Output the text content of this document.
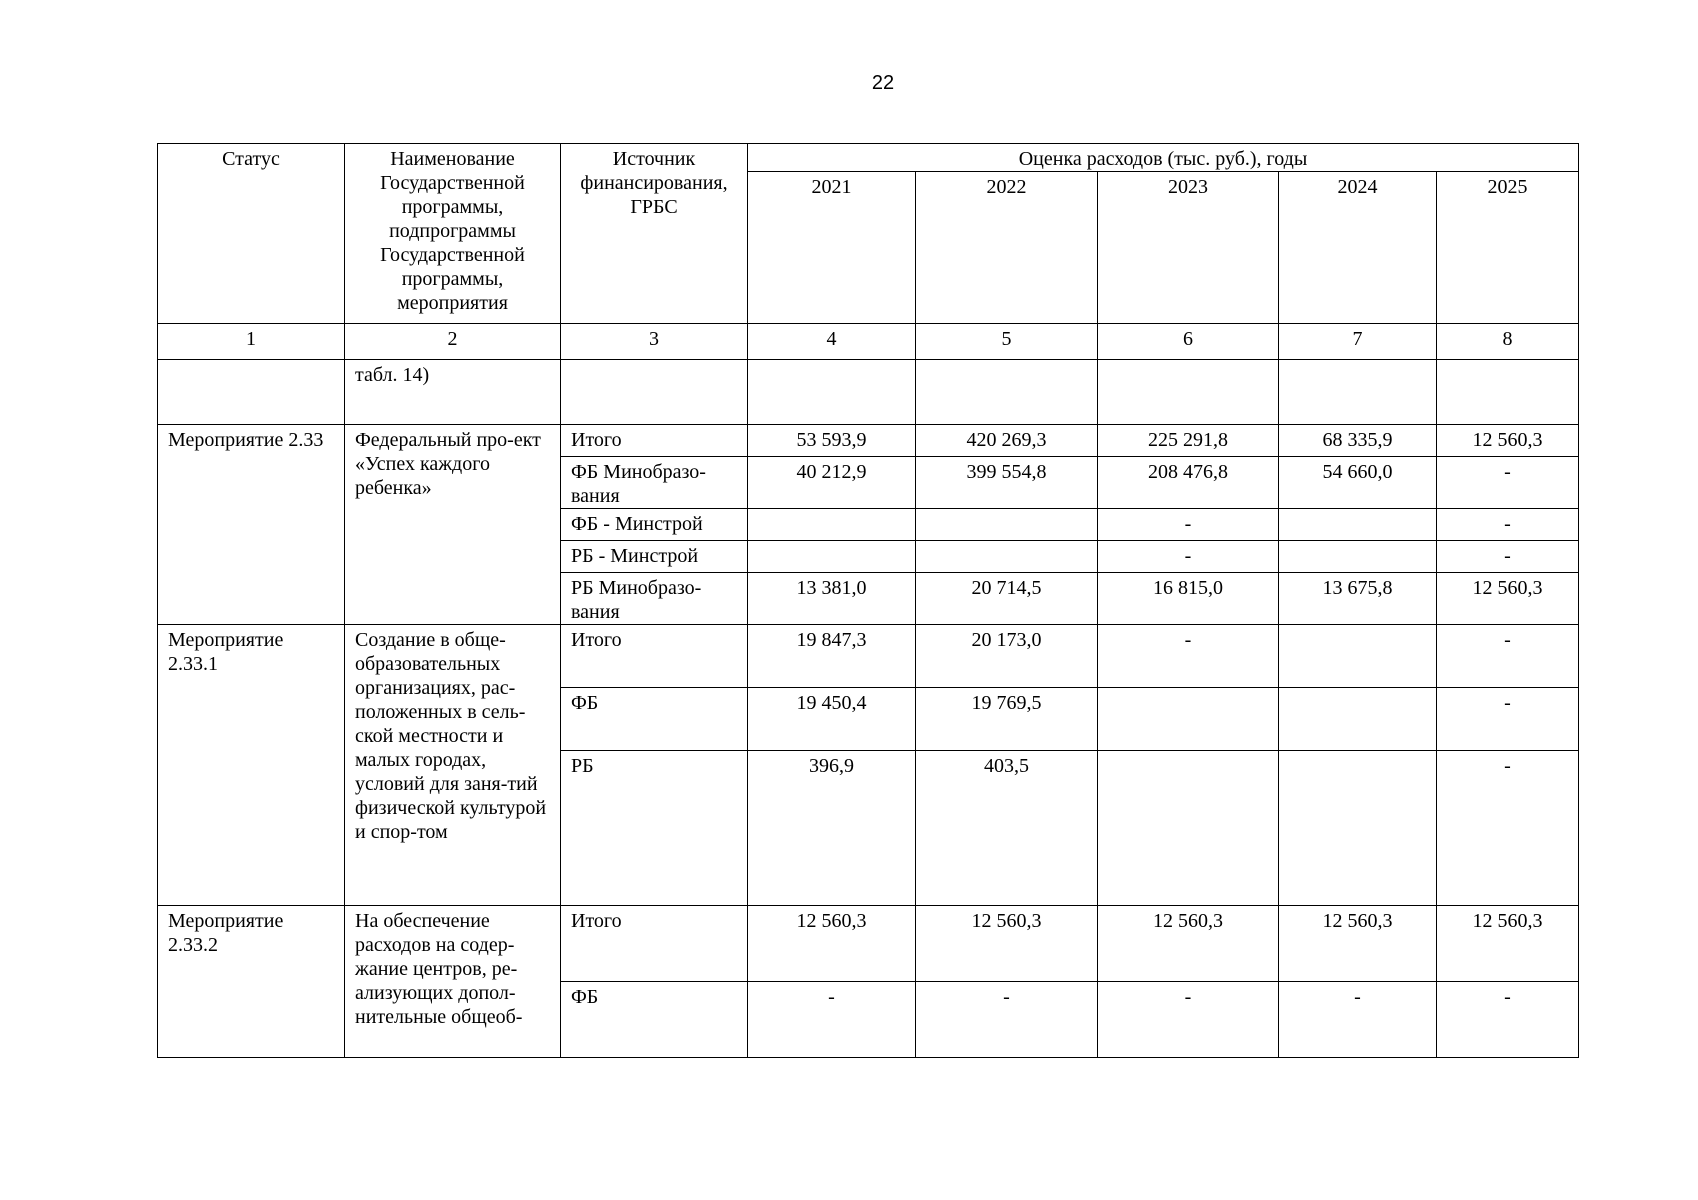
22
Статус	Наименование Государственной программы, подпрограммы Государственной программы, мероприятия	Источник финансирования, ГРБС	Оценка расходов (тыс. руб.), годы				
			2021	2022	2023	2024	2025
1	2	3	4	5	6	7	8
	табл. 14)						
Мероприятие 2.33	Федеральный про-ект «Успех каждого ребенка»	Итого	53 593,9	420 269,3	225 291,8	68 335,9	12 560,3
		ФБ Минобразо-вания	40 212,9	399 554,8	208 476,8	54 660,0	-
		ФБ - Минстрой			-		-
		РБ - Минстрой			-		-
		РБ Минобразо-вания	13 381,0	20 714,5	16 815,0	13 675,8	12 560,3
Мероприятие 2.33.1	Создание в обще-образовательных организациях, рас-положенных в сель-ской местности и малых городах, условий для заня-тий физической культурой и спор-том	Итого	19 847,3	20 173,0	-		-
		ФБ	19 450,4	19 769,5			-
		РБ	396,9	403,5			-
Мероприятие 2.33.2	На обеспечение расходов на содер-жание центров, ре-ализующих допол-нительные общеоб-	Итого	12 560,3	12 560,3	12 560,3	12 560,3	12 560,3
		ФБ	-	-	-	-	-
